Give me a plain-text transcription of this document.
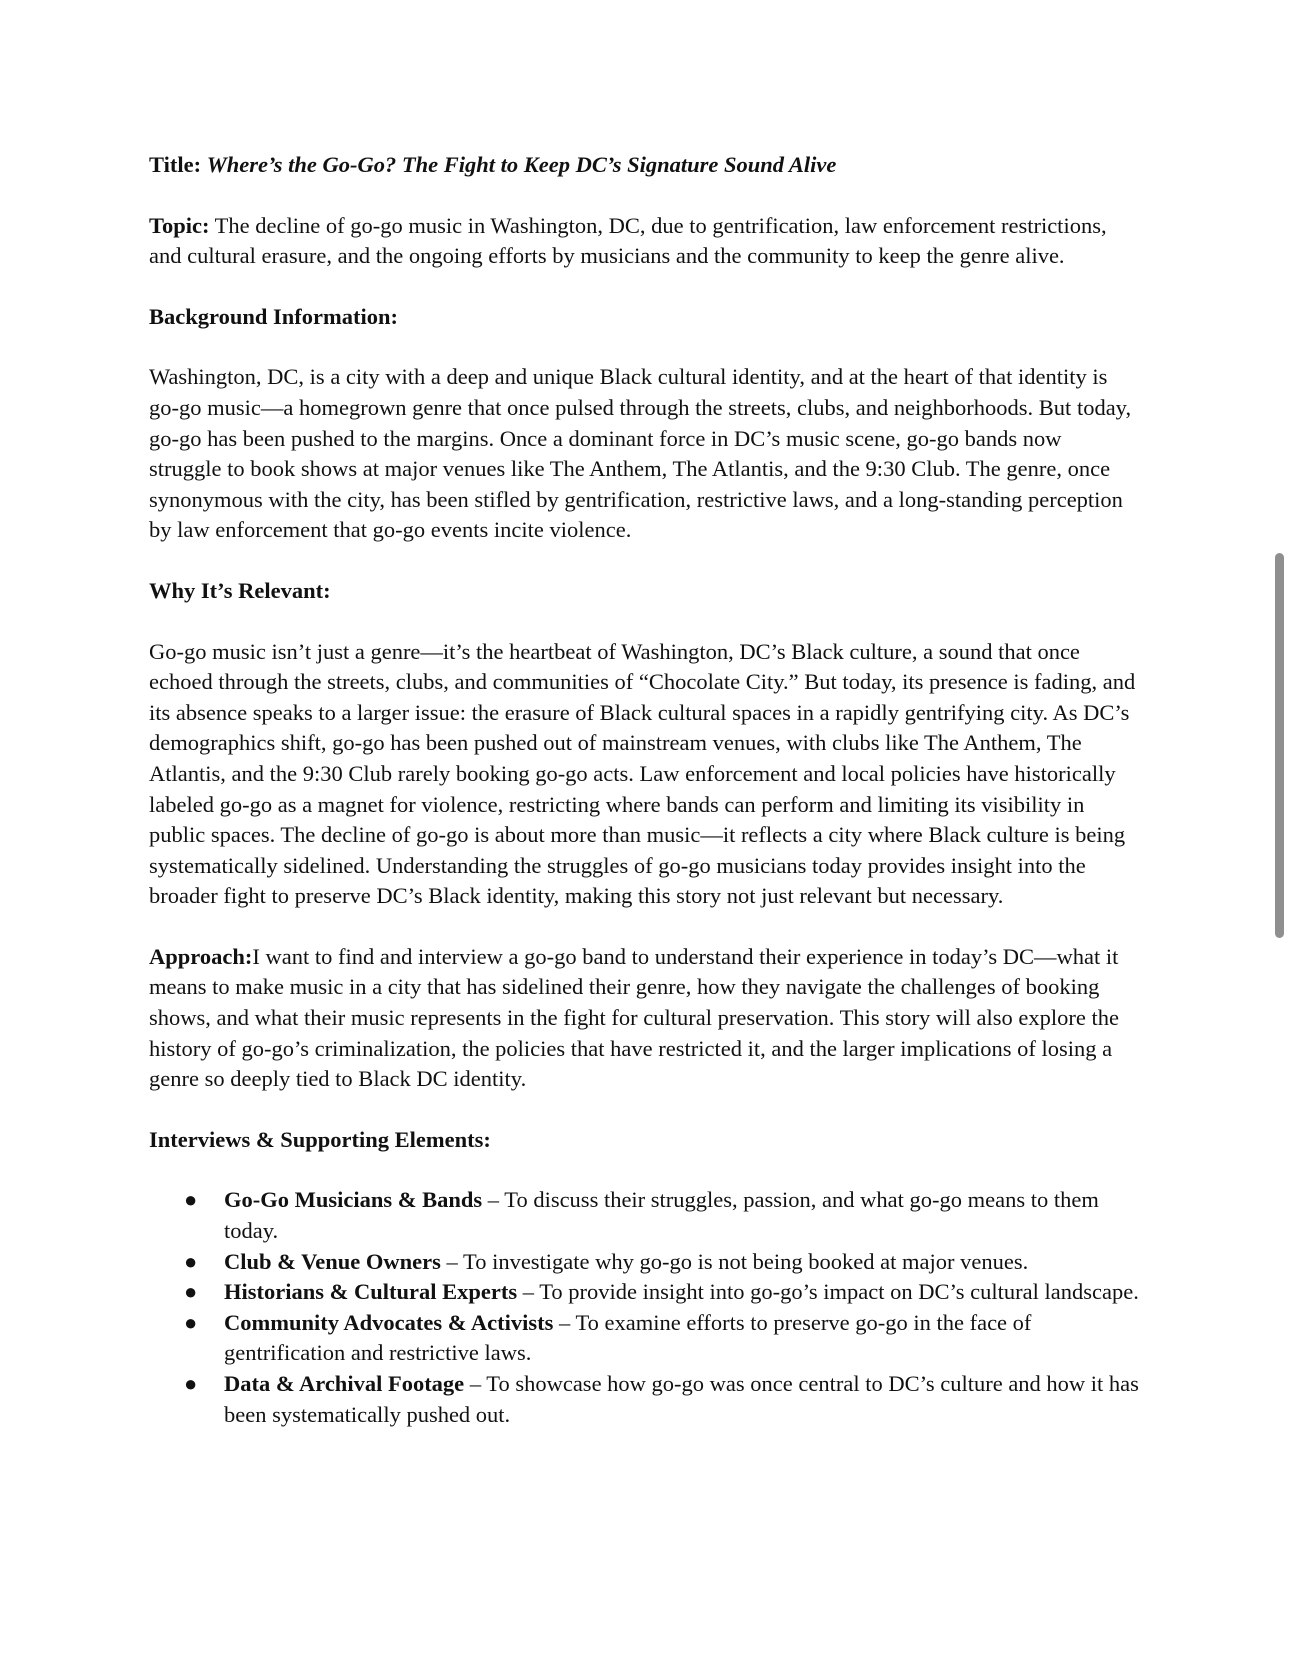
Title: Where’s the Go-Go? The Fight to Keep DC’s Signature Sound Alive

Topic: The decline of go-go music in Washington, DC, due to gentrification, law enforcement restrictions, and cultural erasure, and the ongoing efforts by musicians and the community to keep the genre alive.

Background Information:

Washington, DC, is a city with a deep and unique Black cultural identity, and at the heart of that identity is go-go music—a homegrown genre that once pulsed through the streets, clubs, and neighborhoods. But today, go-go has been pushed to the margins. Once a dominant force in DC’s music scene, go-go bands now struggle to book shows at major venues like The Anthem, The Atlantis, and the 9:30 Club. The genre, once synonymous with the city, has been stifled by gentrification, restrictive laws, and a long-standing perception by law enforcement that go-go events incite violence.

Why It’s Relevant:

Go-go music isn’t just a genre—it’s the heartbeat of Washington, DC’s Black culture, a sound that once echoed through the streets, clubs, and communities of “Chocolate City.” But today, its presence is fading, and its absence speaks to a larger issue: the erasure of Black cultural spaces in a rapidly gentrifying city. As DC’s demographics shift, go-go has been pushed out of mainstream venues, with clubs like The Anthem, The Atlantis, and the 9:30 Club rarely booking go-go acts. Law enforcement and local policies have historically labeled go-go as a magnet for violence, restricting where bands can perform and limiting its visibility in public spaces. The decline of go-go is about more than music—it reflects a city where Black culture is being systematically sidelined. Understanding the struggles of go-go musicians today provides insight into the broader fight to preserve DC’s Black identity, making this story not just relevant but necessary.

Approach:I want to find and interview a go-go band to understand their experience in today’s DC—what it means to make music in a city that has sidelined their genre, how they navigate the challenges of booking shows, and what their music represents in the fight for cultural preservation. This story will also explore the history of go-go’s criminalization, the policies that have restricted it, and the larger implications of losing a genre so deeply tied to Black DC identity.

Interviews & Supporting Elements:

● Go-Go Musicians & Bands – To discuss their struggles, passion, and what go-go means to them today.
● Club & Venue Owners – To investigate why go-go is not being booked at major venues.
● Historians & Cultural Experts – To provide insight into go-go’s impact on DC’s cultural landscape.
● Community Advocates & Activists – To examine efforts to preserve go-go in the face of gentrification and restrictive laws.
● Data & Archival Footage – To showcase how go-go was once central to DC’s culture and how it has been systematically pushed out.
